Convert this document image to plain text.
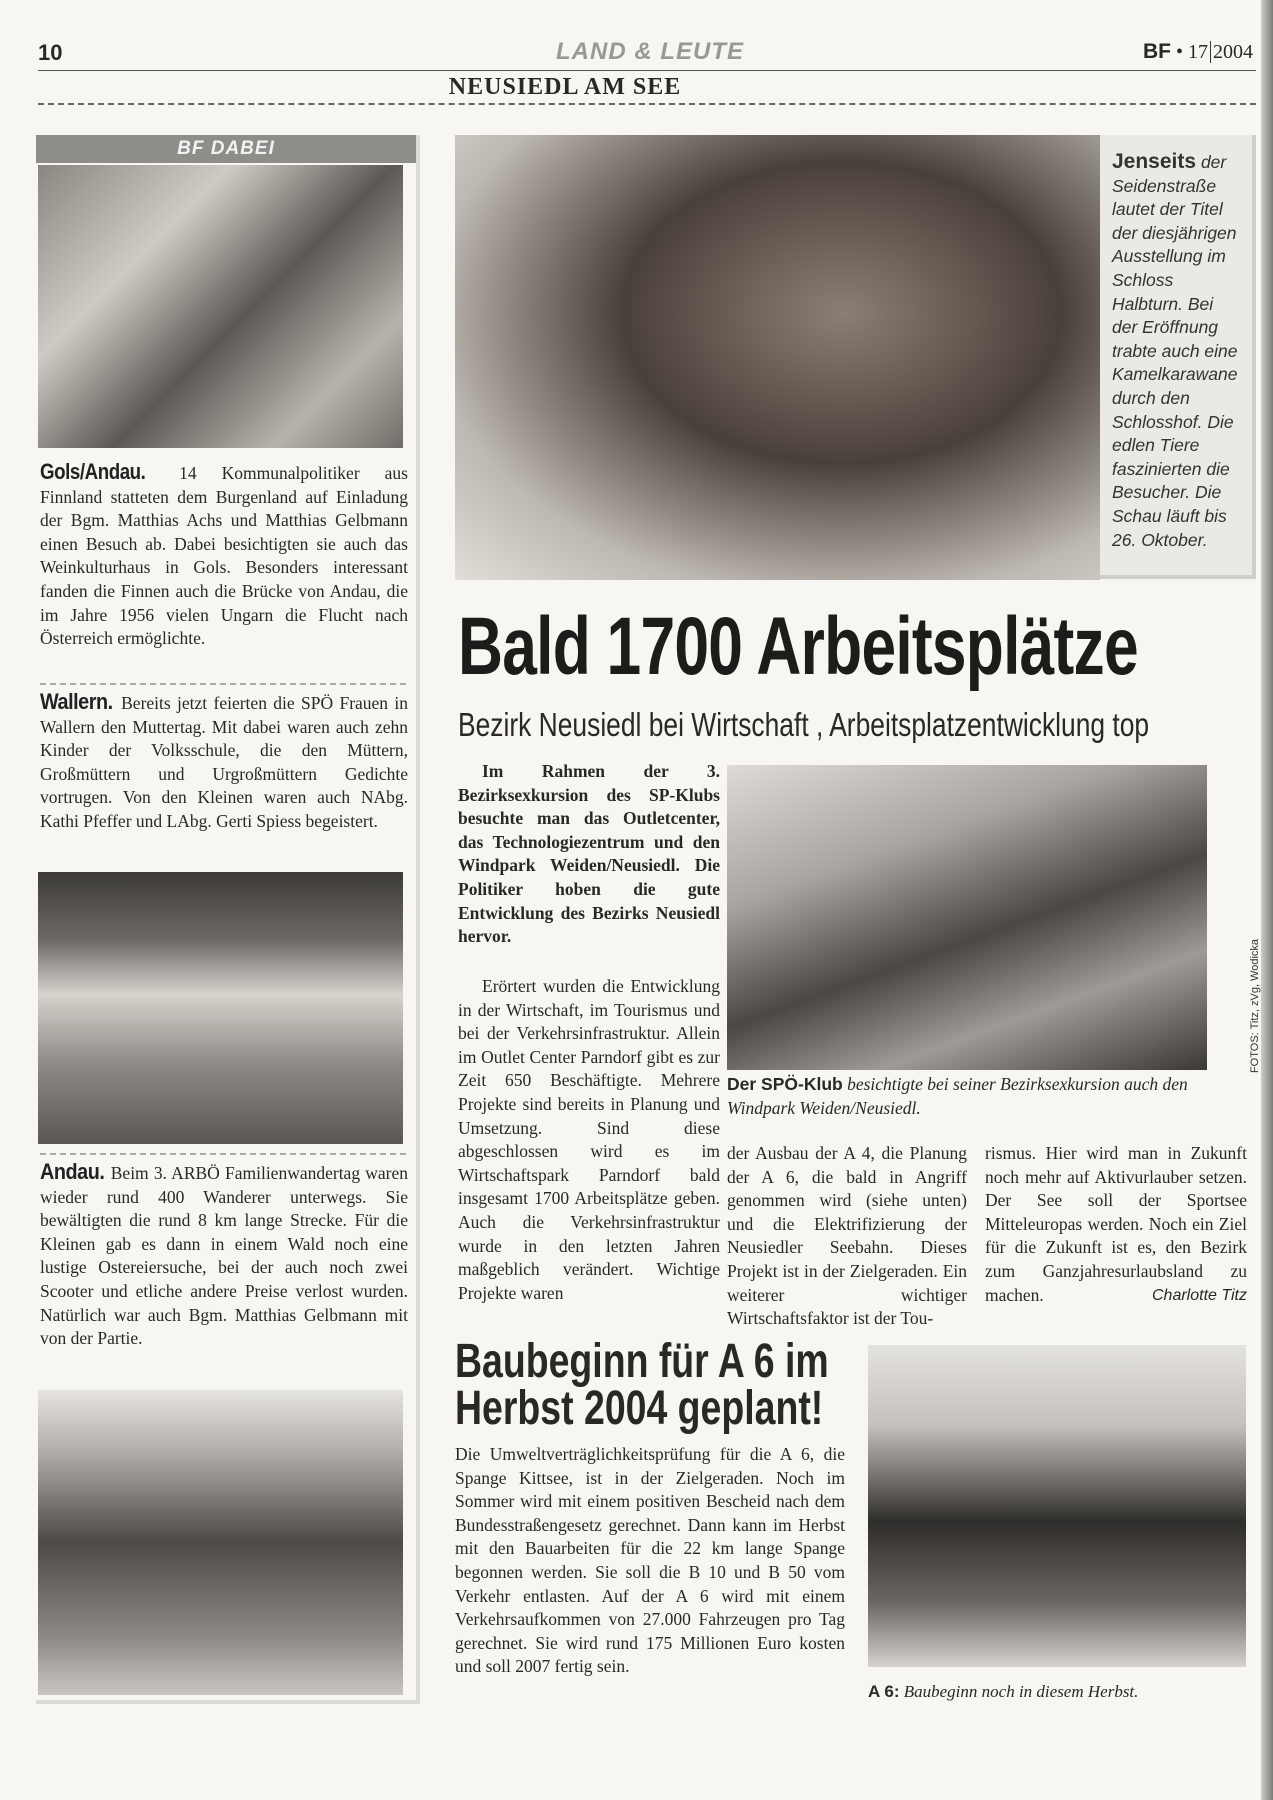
10	LAND & LEUTE	BF • 17 2004
NEUSIEDL AM SEE
BF DABEI

Gols/Andau. 14 Kommunalpolitiker aus Finnland statteten dem Burgenland auf Einladung der Bgm. Matthias Achs und Matthias Gelbmann einen Besuch ab. Dabei besichtigten sie auch das Weinkulturhaus in Gols. Besonders interessant fanden die Finnen auch die Brücke von Andau, die im Jahre 1956 vielen Ungarn die Flucht nach Österreich ermöglichte.

Wallern. Bereits jetzt feierten die SPÖ Frauen in Wallern den Muttertag. Mit dabei waren auch zehn Kinder der Volksschule, die den Müttern, Großmüttern und Urgroßmüttern Gedichte vortrugen. Von den Kleinen waren auch NAbg. Kathi Pfeffer und LAbg. Gerti Spiess begeistert.

Andau. Beim 3. ARBÖ Familienwandertag waren wieder rund 400 Wanderer unterwegs. Sie bewältigten die rund 8 km lange Strecke. Für die Kleinen gab es dann in einem Wald noch eine lustige Ostereiersuche, bei der auch noch zwei Scooter und etliche andere Preise verlost wurden. Natürlich war auch Bgm. Matthias Gelbmann mit von der Partie.

Jenseits der Seidenstraße lautet der Titel der diesjährigen Ausstellung im Schloss Halbturn. Bei der Eröffnung trabte auch eine Kamelkarawane durch den Schlosshof. Die edlen Tiere faszinierten die Besucher. Die Schau läuft bis 26. Oktober.

Bald 1700 Arbeitsplätze
Bezirk Neusiedl bei Wirtschaft , Arbeitsplatzentwicklung top

Im Rahmen der 3. Bezirksexkursion des SP-Klubs besuchte man das Outletcenter, das Technologiezentrum und den Windpark Weiden/Neusiedl. Die Politiker hoben die gute Entwicklung des Bezirks Neusiedl hervor.

Erörtert wurden die Entwicklung in der Wirtschaft, im Tourismus und bei der Verkehrsinfrastruktur. Allein im Outlet Center Parndorf gibt es zur Zeit 650 Beschäftigte. Mehrere Projekte sind bereits in Planung und Umsetzung. Sind diese abgeschlossen wird es im Wirtschaftspark Parndorf bald insgesamt 1700 Arbeitsplätze geben. Auch die Verkehrsinfrastruktur wurde in den letzten Jahren maßgeblich verändert. Wichtige Projekte waren

FOTOS: Titz, zVg, Wodicka

Der SPÖ-Klub besichtigte bei seiner Bezirksexkursion auch den Windpark Weiden/Neusiedl.

der Ausbau der A 4, die Planung der A 6, die bald in Angriff genommen wird (siehe unten) und die Elektrifizierung der Neusiedler Seebahn. Dieses Projekt ist in der Zielgeraden. Ein weiterer wichtiger Wirtschaftsfaktor ist der Tou-

rismus. Hier wird man in Zukunft noch mehr auf Aktivurlauber setzen. Der See soll der Sportsee Mitteleuropas werden. Noch ein Ziel für die Zukunft ist es, den Bezirk zum Ganzjahresurlaubsland zu machen.	Charlotte Titz

Baubeginn für A 6 im
Herbst 2004 geplant!

Die Umweltverträglichkeitsprüfung für die A 6, die Spange Kittsee, ist in der Zielgeraden. Noch im Sommer wird mit einem positiven Bescheid nach dem Bundesstraßengesetz gerechnet. Dann kann im Herbst mit den Bauarbeiten für die 22 km lange Spange begonnen werden. Sie soll die B 10 und B 50 vom Verkehr entlasten. Auf der A 6 wird mit einem Verkehrsaufkommen von 27.000 Fahrzeugen pro Tag gerechnet. Sie wird rund 175 Millionen Euro kosten und soll 2007 fertig sein.

A 6: Baubeginn noch in diesem Herbst.
